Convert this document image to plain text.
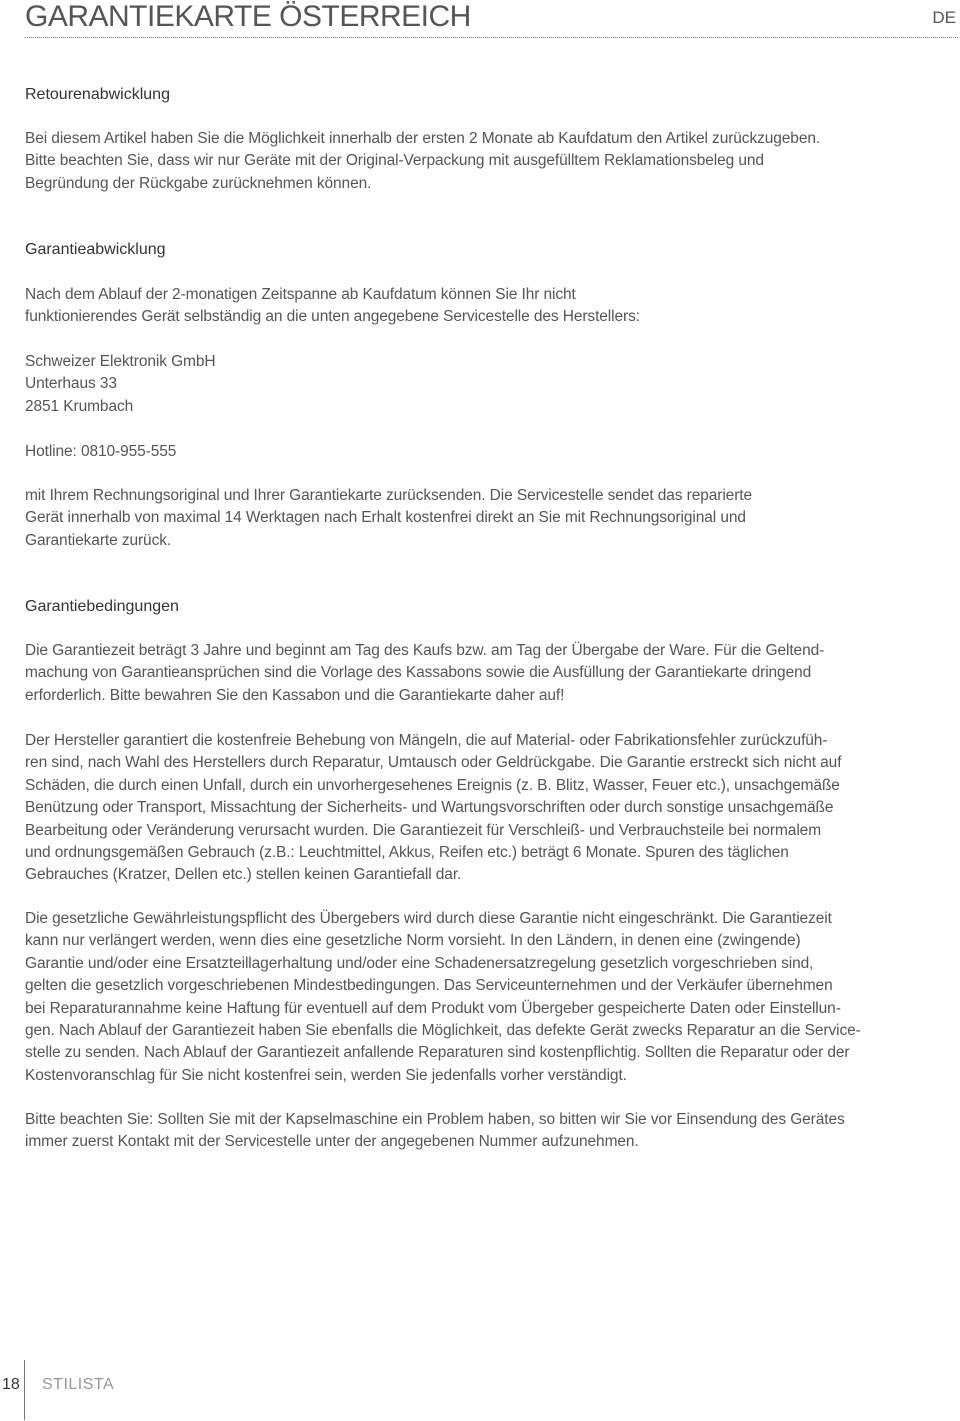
GARANTIEKARTE ÖSTERREICH	DE
Retourenabwicklung
Bei diesem Artikel haben Sie die Möglichkeit innerhalb der ersten 2 Monate ab Kaufdatum den Artikel zurückzugeben.
Bitte beachten Sie, dass wir nur Geräte mit der Original-Verpackung mit ausgefülltem Reklamationsbeleg und
Begründung der Rückgabe zurücknehmen können.
Garantieabwicklung
Nach dem Ablauf der 2-monatigen Zeitspanne ab Kaufdatum können Sie Ihr nicht
funktionierendes Gerät selbständig an die unten angegebene Servicestelle des Herstellers:
Schweizer Elektronik GmbH
Unterhaus 33
2851 Krumbach
Hotline: 0810-955-555
mit Ihrem Rechnungsoriginal und Ihrer Garantiekarte zurücksenden. Die Servicestelle sendet das reparierte
Gerät innerhalb von maximal 14 Werktagen nach Erhalt kostenfrei direkt an Sie mit Rechnungsoriginal und
Garantiekarte zurück.
Garantiebedingungen
Die Garantiezeit beträgt 3 Jahre und beginnt am Tag des Kaufs bzw. am Tag der Übergabe der Ware. Für die Geltend-
machung von Garantieansprüchen sind die Vorlage des Kassabons sowie die Ausfüllung der Garantiekarte dringend
erforderlich. Bitte bewahren Sie den Kassabon und die Garantiekarte daher auf!
Der Hersteller garantiert die kostenfreie Behebung von Mängeln, die auf Material- oder Fabrikationsfehler zurückzufüh-
ren sind, nach Wahl des Herstellers durch Reparatur, Umtausch oder Geldrückgabe. Die Garantie erstreckt sich nicht auf
Schäden, die durch einen Unfall, durch ein unvorhergesehenes Ereignis (z. B. Blitz, Wasser, Feuer etc.), unsachgemäße
Benützung oder Transport, Missachtung der Sicherheits- und Wartungsvorschriften oder durch sonstige unsachgemäße
Bearbeitung oder Veränderung verursacht wurden. Die Garantiezeit für Verschleiß- und Verbrauchsteile bei normalem
und ordnungsgemäßen Gebrauch (z.B.: Leuchtmittel, Akkus, Reifen etc.) beträgt 6 Monate. Spuren des täglichen
Gebrauches (Kratzer, Dellen etc.) stellen keinen Garantiefall dar.
Die gesetzliche Gewährleistungspflicht des Übergebers wird durch diese Garantie nicht eingeschränkt. Die Garantiezeit
kann nur verlängert werden, wenn dies eine gesetzliche Norm vorsieht. In den Ländern, in denen eine (zwingende)
Garantie und/oder eine Ersatzteillagerhaltung und/oder eine Schadenersatzregelung gesetzlich vorgeschrieben sind,
gelten die gesetzlich vorgeschriebenen Mindestbedingungen. Das Serviceunternehmen und der Verkäufer übernehmen
bei Reparaturannahme keine Haftung für eventuell auf dem Produkt vom Übergeber gespeicherte Daten oder Einstellun-
gen. Nach Ablauf der Garantiezeit haben Sie ebenfalls die Möglichkeit, das defekte Gerät zwecks Reparatur an die Service-
stelle zu senden. Nach Ablauf der Garantiezeit anfallende Reparaturen sind kostenpflichtig. Sollten die Reparatur oder der
Kostenvoranschlag für Sie nicht kostenfrei sein, werden Sie jedenfalls vorher verständigt.
Bitte beachten Sie: Sollten Sie mit der Kapselmaschine ein Problem haben, so bitten wir Sie vor Einsendung des Gerätes
immer zuerst Kontakt mit der Servicestelle unter der angegebenen Nummer aufzunehmen.
18 STILISTA
